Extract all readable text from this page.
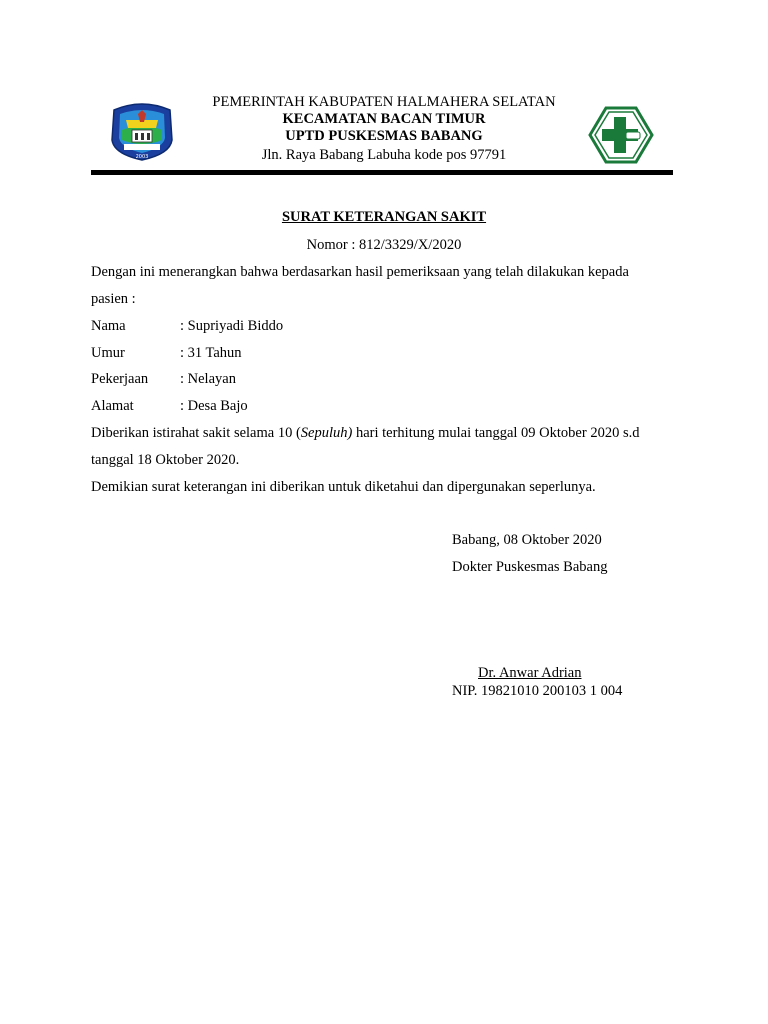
2003
PEMERINTAH KABUPATEN HALMAHERA SELATAN
KECAMATAN BACAN TIMUR
UPTD PUSKESMAS BABANG
Jln. Raya Babang Labuha kode pos 97791
SURAT KETERANGAN SAKIT
Nomor : 812/3329/X/2020
Dengan ini menerangkan bahwa berdasarkan hasil pemeriksaan yang telah dilakukan kepada
pasien :
Nama	: Supriyadi Biddo
Umur	: 31 Tahun
Pekerjaan : Nelayan
Alamat	: Desa Bajo
Diberikan istirahat sakit selama 10 (Sepuluh) hari terhitung mulai tanggal 09 Oktober 2020 s.d
tanggal 18 Oktober 2020.
Demikian surat keterangan ini diberikan untuk diketahui dan dipergunakan seperlunya.
Babang, 08 Oktober 2020
Dokter Puskesmas Babang
Dr. Anwar Adrian
NIP. 19821010 200103 1 004
